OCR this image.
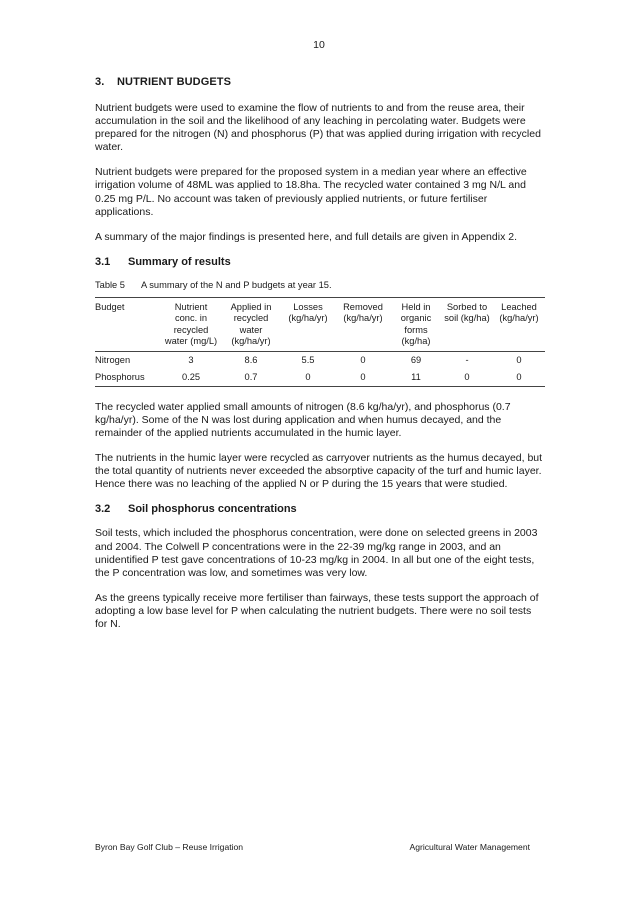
10
3. NUTRIENT BUDGETS

Nutrient budgets were used to examine the flow of nutrients to and from the reuse area, their accumulation in the soil and the likelihood of any leaching in percolating water. Budgets were prepared for the nitrogen (N) and phosphorus (P) that was applied during irrigation with recycled water.

Nutrient budgets were prepared for the proposed system in a median year where an effective irrigation volume of 48ML was applied to 18.8ha. The recycled water contained 3 mg N/L and 0.25 mg P/L. No account was taken of previously applied nutrients, or future fertiliser applications.

A summary of the major findings is presented here, and full details are given in Appendix 2.

3.1 Summary of results
Table 5 A summary of the N and P budgets at year 15.
Budget	Nutrient conc. in recycled water (mg/L)	Applied in recycled water (kg/ha/yr)	Losses (kg/ha/yr)	Removed (kg/ha/yr)	Held in organic forms (kg/ha)	Sorbed to soil (kg/ha)	Leached (kg/ha/yr)
Nitrogen	3	8.6	5.5	0	69	-	0
Phosphorus	0.25	0.7	0	0	11	0	0

The recycled water applied small amounts of nitrogen (8.6 kg/ha/yr), and phosphorus (0.7 kg/ha/yr). Some of the N was lost during application and when humus decayed, and the remainder of the applied nutrients accumulated in the humic layer.

The nutrients in the humic layer were recycled as carryover nutrients as the humus decayed, but the total quantity of nutrients never exceeded the absorptive capacity of the turf and humic layer. Hence there was no leaching of the applied N or P during the 15 years that were studied.

3.2 Soil phosphorus concentrations

Soil tests, which included the phosphorus concentration, were done on selected greens in 2003 and 2004. The Colwell P concentrations were in the 22-39 mg/kg range in 2003, and an unidentified P test gave concentrations of 10-23 mg/kg in 2004. In all but one of the eight tests, the P concentration was low, and sometimes was very low.

As the greens typically receive more fertiliser than fairways, these tests support the approach of adopting a low base level for P when calculating the nutrient budgets. There were no soil tests for N.

Byron Bay Golf Club – Reuse Irrigation	Agricultural Water Management
